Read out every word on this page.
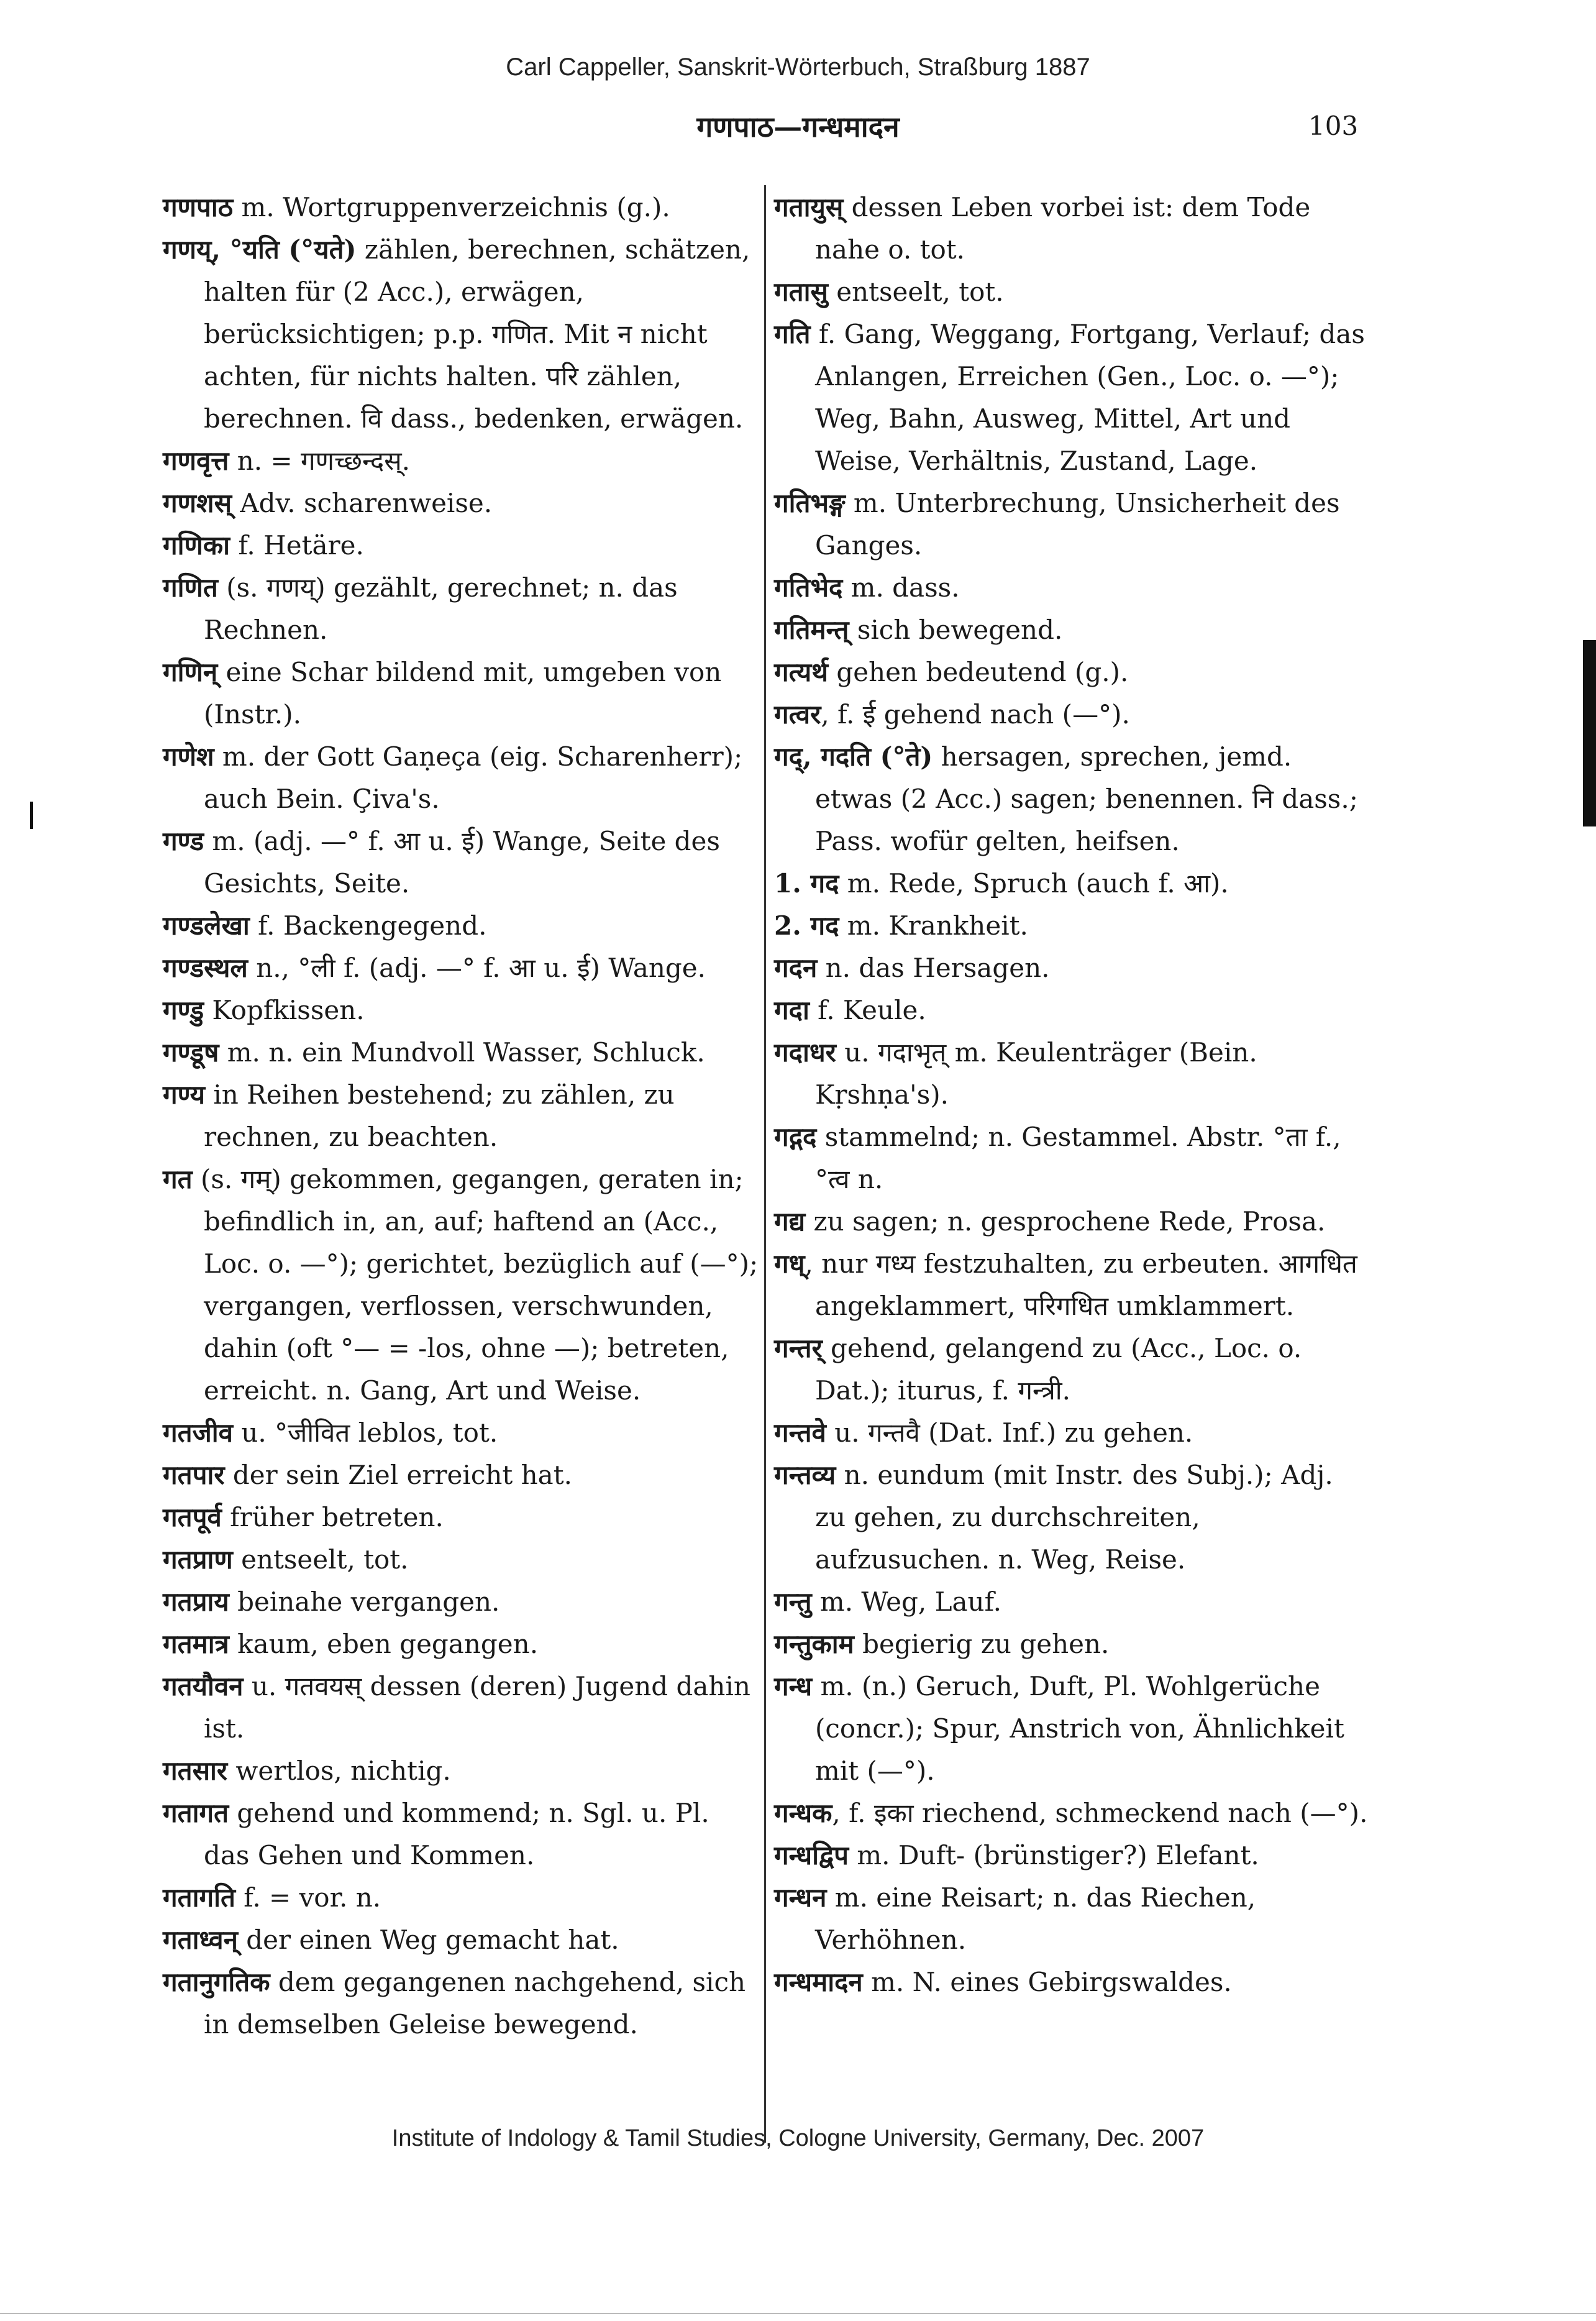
Carl Cappeller, Sanskrit-Wörterbuch, Straßburg 1887
गणपाठ—गन्धमादन	103

गणपाठ m. Wortgruppenverzeichnis (g.).

गणय्, °यति (°यते) zählen, berechnen, schätzen, halten für (2 Acc.), erwägen, berücksichtigen; p.p. गणित. Mit न nicht achten, für nichts halten. परि zählen, berechnen. वि dass., bedenken, erwägen.

गणवृत्त n. = गणच्छन्दस्.

गणशस् Adv. scharenweise.

गणिका f. Hetäre.

गणित (s. गणय्) gezählt, gerechnet; n. das Rechnen.

गणिन् eine Schar bildend mit, umgeben von (Instr.).

गणेश m. der Gott Gaṇeça (eig. Scharenherr); auch Bein. Çiva's.

गण्ड m. (adj. —° f. आ u. ई) Wange, Seite des Gesichts, Seite.

गण्डलेखा f. Backengegend.

गण्डस्थल n., °ली f. (adj. —° f. आ u. ई) Wange.

गण्डु Kopfkissen.

गण्डूष m. n. ein Mundvoll Wasser, Schluck.

गण्य in Reihen bestehend; zu zählen, zu rechnen, zu beachten.

गत (s. गम्) gekommen, gegangen, geraten in; befindlich in, an, auf; haftend an (Acc., Loc. o. —°); gerichtet, bezüglich auf (—°); vergangen, verflossen, verschwunden, dahin (oft °— = -los, ohne —); betreten, erreicht. n. Gang, Art und Weise.

गतजीव u. °जीवित leblos, tot.

गतपार der sein Ziel erreicht hat.

गतपूर्व früher betreten.

गतप्राण entseelt, tot.

गतप्राय beinahe vergangen.

गतमात्र kaum, eben gegangen.

गतयौवन u. गतवयस् dessen (deren) Jugend dahin ist.

गतसार wertlos, nichtig.

गतागत gehend und kommend; n. Sgl. u. Pl. das Gehen und Kommen.

गतागति f. = vor. n.

गताध्वन् der einen Weg gemacht hat.

गतानुगतिक dem gegangenen nachgehend, sich in demselben Geleise bewegend.

गतायुस् dessen Leben vorbei ist: dem Tode nahe o. tot.

गतासु entseelt, tot.

गति f. Gang, Weggang, Fortgang, Verlauf; das Anlangen, Erreichen (Gen., Loc. o. —°); Weg, Bahn, Ausweg, Mittel, Art und Weise, Verhältnis, Zustand, Lage.

गतिभङ्ग m. Unterbrechung, Unsicherheit des Ganges.

गतिभेद m. dass.

गतिमन्त् sich bewegend.

गत्यर्थ gehen bedeutend (g.).

गत्वर, f. ई gehend nach (—°).

गद्, गदति (°ते) hersagen, sprechen, jemd. etwas (2 Acc.) sagen; benennen. नि dass.; Pass. wofür gelten, heifsen.

1. गद m. Rede, Spruch (auch f. आ).

2. गद m. Krankheit.

गदन n. das Hersagen.

गदा f. Keule.

गदाधर u. गदाभृत् m. Keulenträger (Bein. Kṛshṇa's).

गद्गद stammelnd; n. Gestammel. Abstr. °ता f., °त्व n.

गद्य zu sagen; n. gesprochene Rede, Prosa.

गध्, nur गध्य festzuhalten, zu erbeuten. आगधित angeklammert, परिगधित umklammert.

गन्तर् gehend, gelangend zu (Acc., Loc. o. Dat.); iturus, f. गन्त्री.

गन्तवे u. गन्तवै (Dat. Inf.) zu gehen.

गन्तव्य n. eundum (mit Instr. des Subj.); Adj. zu gehen, zu durchschreiten, aufzusuchen. n. Weg, Reise.

गन्तु m. Weg, Lauf.

गन्तुकाम begierig zu gehen.

गन्ध m. (n.) Geruch, Duft, Pl. Wohlgerüche (concr.); Spur, Anstrich von, Ähnlichkeit mit (—°).

गन्धक, f. इका riechend, schmeckend nach (—°).

गन्धद्विप m. Duft- (brünstiger?) Elefant.

गन्धन m. eine Reisart; n. das Riechen, Verhöhnen.

गन्धमादन m. N. eines Gebirgswaldes.

Institute of Indology & Tamil Studies, Cologne University, Germany, Dec. 2007
